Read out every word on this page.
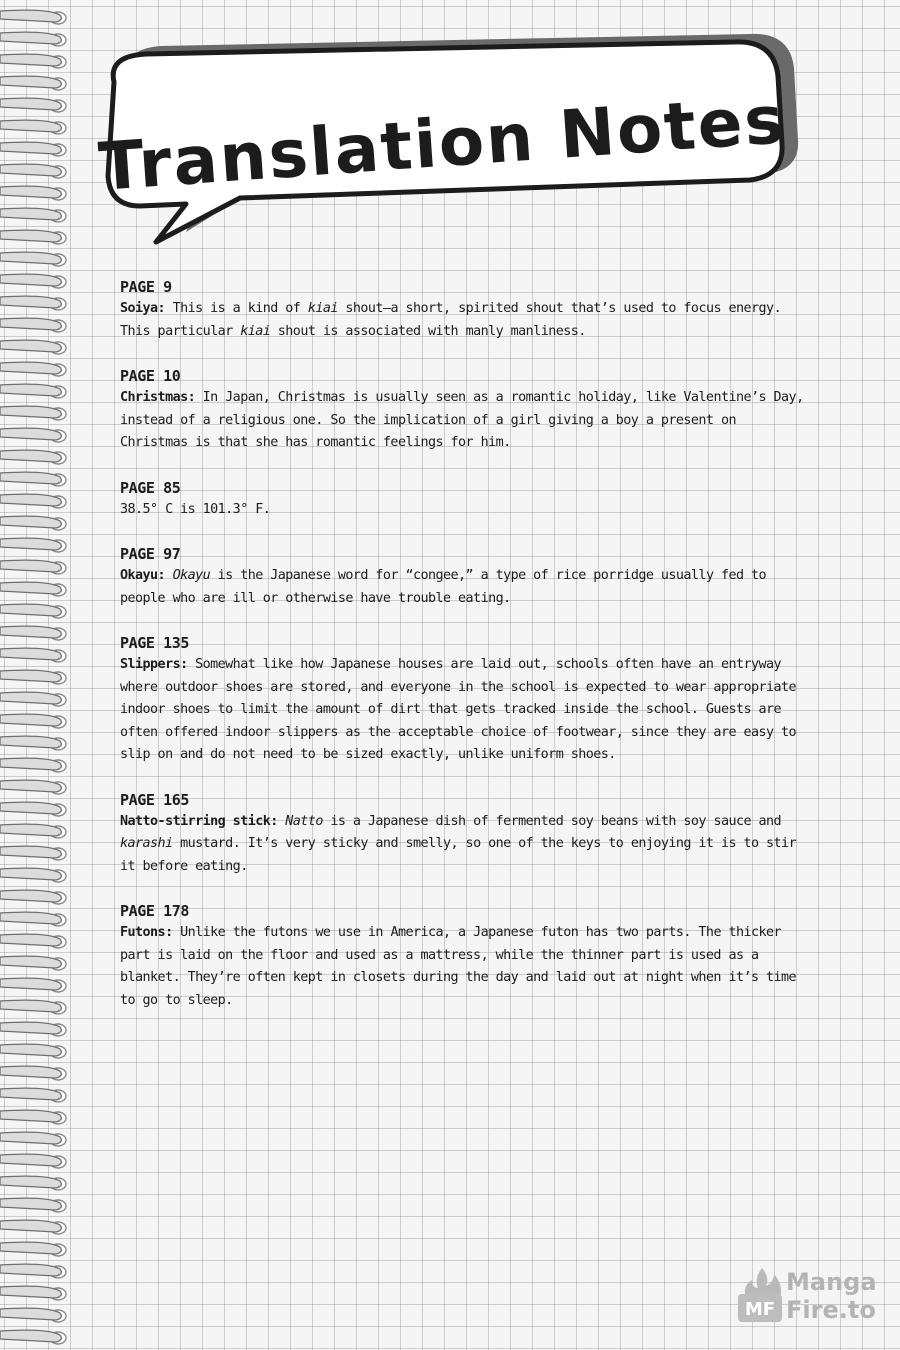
Translation Notes

PAGE 9

Soiya: This is a kind of kiai shout—a short, spirited shout that’s used to focus energy. This particular kiai shout is associated with manly manliness.

PAGE 10

Christmas: In Japan, Christmas is usually seen as a romantic holiday, like Valentine’s Day, instead of a religious one. So the implication of a girl giving a boy a present on Christmas is that she has romantic feelings for him.

PAGE 85

38.5° C is 101.3° F.

PAGE 97

Okayu: Okayu is the Japanese word for “congee,” a type of rice porridge usually fed to people who are ill or otherwise have trouble eating.

PAGE 135

Slippers: Somewhat like how Japanese houses are laid out, schools often have an entryway where outdoor shoes are stored, and everyone in the school is expected to wear appropriate indoor shoes to limit the amount of dirt that gets tracked inside the school. Guests are often offered indoor slippers as the acceptable choice of footwear, since they are easy to slip on and do not need to be sized exactly, unlike uniform shoes.

PAGE 165

Natto-stirring stick: Natto is a Japanese dish of fermented soy beans with soy sauce and karashi mustard. It’s very sticky and smelly, so one of the keys to enjoying it is to stir it before eating.

PAGE 178

Futons: Unlike the futons we use in America, a Japanese futon has two parts. The thicker part is laid on the floor and used as a mattress, while the thinner part is used as a blanket. They’re often kept in closets during the day and laid out at night when it’s time to go to sleep.

MF
Manga
Fire.to
